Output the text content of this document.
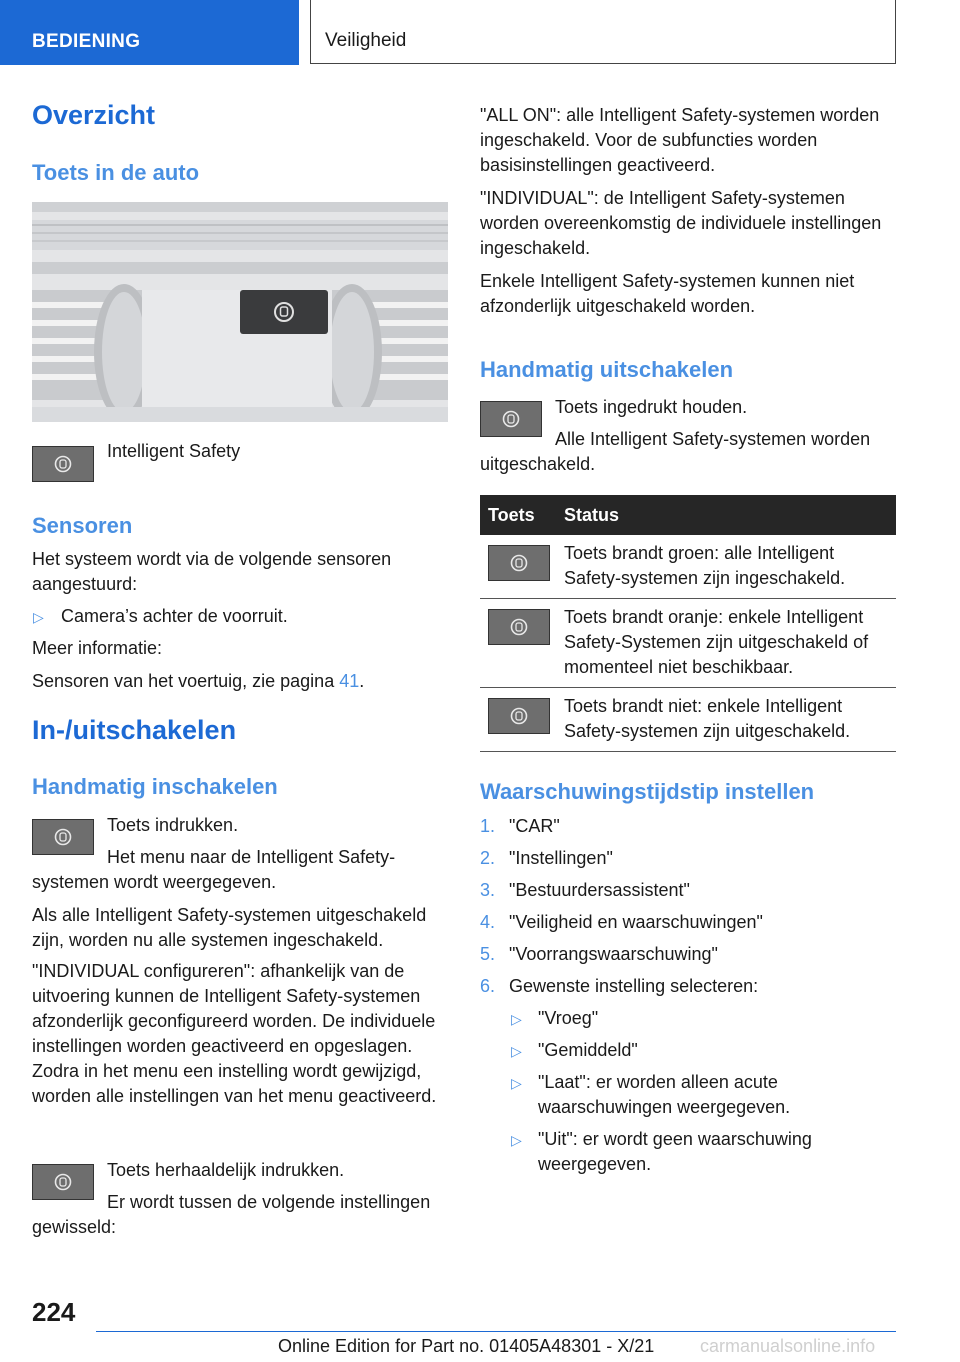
BEDIENING	Veiligheid
Overzicht
Toets in de auto

Intelligent Safety

Sensoren

Het systeem wordt via de volgende sensoren aangestuurd:

▷ Camera’s achter de voorruit.

Meer informatie:

Sensoren van het voertuig, zie pagina 41.

In-/uitschakelen
Handmatig inschakelen

Toets indrukken.

Het menu naar de Intelligent Safety-systemen wordt weergegeven.

Als alle Intelligent Safety-systemen uitgeschakeld zijn, worden nu alle systemen ingeschakeld.

"INDIVIDUAL configureren": afhankelijk van de uitvoering kunnen de Intelligent Safety-systemen afzonderlijk geconfigureerd worden. De individuele instellingen worden geactiveerd en opgeslagen. Zodra in het menu een instelling wordt gewijzigd, worden alle instellingen van het menu geactiveerd.

Toets herhaaldelijk indrukken.

Er wordt tussen de volgende instellingen gewisseld:

"ALL ON": alle Intelligent Safety-systemen worden ingeschakeld. Voor de subfuncties worden basisinstellingen geactiveerd.

"INDIVIDUAL": de Intelligent Safety-systemen worden overeenkomstig de individuele instellingen ingeschakeld.

Enkele Intelligent Safety-systemen kunnen niet afzonderlijk uitgeschakeld worden.

Handmatig uitschakelen

Toets ingedrukt houden.

Alle Intelligent Safety-systemen worden uitgeschakeld.

Toets Status
Toets brandt groen: alle Intelligent Safety-systemen zijn ingeschakeld.
Toets brandt oranje: enkele Intelligent Safety-Systemen zijn uitgeschakeld of momenteel niet beschikbaar.
Toets brandt niet: enkele Intelligent Safety-systemen zijn uitgeschakeld.
Waarschuwingstijdstip instellen
1. "CAR"

2. "Instellingen"

3. "Bestuurdersassistent"

4. "Veiligheid en waarschuwingen"

5. "Voorrangswaarschuwing"

6. Gewenste instelling selecteren:

▷ "Vroeg"

▷ "Gemiddeld"

▷ "Laat": er worden alleen acute waarschuwingen weergegeven.

▷ "Uit": er wordt geen waarschuwing weergegeven.

224
Online Edition for Part no. 01405A48301 - X/21	carmanualsonline.info
